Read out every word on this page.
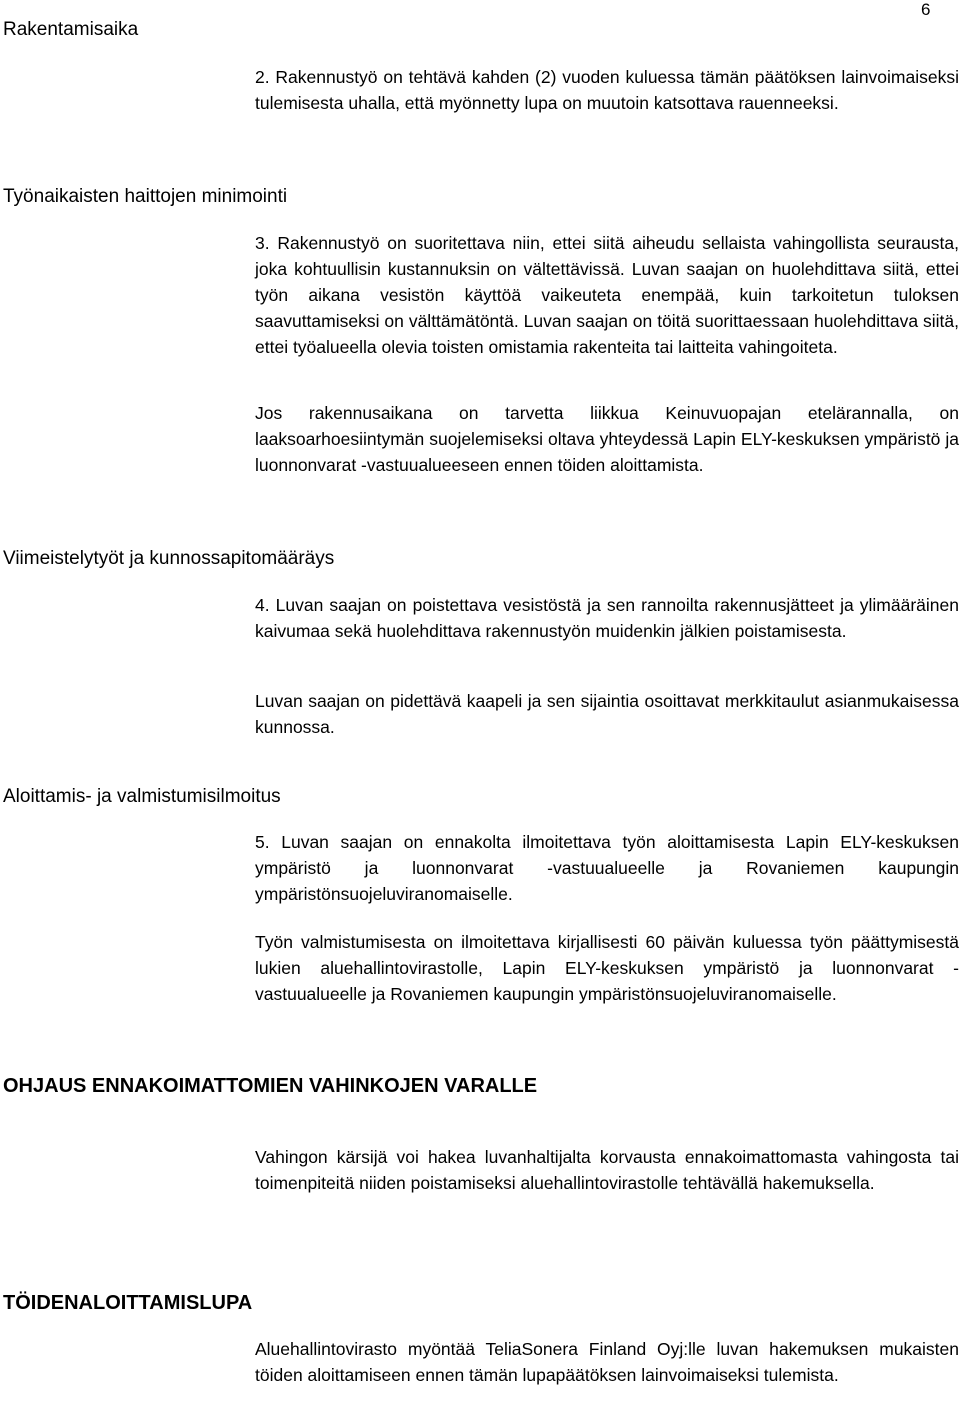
6
Rakentamisaika

2. Rakennustyö on tehtävä kahden (2) vuoden kuluessa tämän päätöksen lainvoimaiseksi tulemisesta uhalla, että myönnetty lupa on muutoin katsottava rauenneeksi.

Työnaikaisten haittojen minimointi

3. Rakennustyö on suoritettava niin, ettei siitä aiheudu sellaista vahingollista seurausta, joka kohtuullisin kustannuksin on vältettävissä. Luvan saajan on huolehdittava siitä, ettei työn aikana vesistön käyttöä vaikeuteta enempää, kuin tarkoitetun tuloksen saavuttamiseksi on välttämätöntä. Luvan saajan on töitä suorittaessaan huolehdittava siitä, ettei työalueella olevia toisten omistamia rakenteita tai laitteita vahingoiteta.

Jos rakennusaikana on tarvetta liikkua Keinuvuopajan etelärannalla, on laaksoarhoesiintymän suojelemiseksi oltava yhteydessä Lapin ELY-keskuksen ympäristö ja luonnonvarat -vastuualueeseen ennen töiden aloittamista.

Viimeistelytyöt ja kunnossapitomääräys

4. Luvan saajan on poistettava vesistöstä ja sen rannoilta rakennusjätteet ja ylimääräinen kaivumaa sekä huolehdittava rakennustyön muidenkin jälkien poistamisesta.

Luvan saajan on pidettävä kaapeli ja sen sijaintia osoittavat merkkitaulut asianmukaisessa kunnossa.

Aloittamis- ja valmistumisilmoitus

5. Luvan saajan on ennakolta ilmoitettava työn aloittamisesta Lapin ELY-keskuksen ympäristö ja luonnonvarat -vastuualueelle ja Rovaniemen kaupungin ympäristönsuojeluviranomaiselle.

Työn valmistumisesta on ilmoitettava kirjallisesti 60 päivän kuluessa työn päättymisestä lukien aluehallintovirastolle, Lapin ELY-keskuksen ympäristö ja luonnonvarat -vastuualueelle ja Rovaniemen kaupungin ympäristönsuojeluviranomaiselle.

OHJAUS ENNAKOIMATTOMIEN VAHINKOJEN VARALLE

Vahingon kärsijä voi hakea luvanhaltijalta korvausta ennakoimattomasta vahingosta tai toimenpiteitä niiden poistamiseksi aluehallintovirastolle tehtävällä hakemuksella.

TÖIDENALOITTAMISLUPA

Aluehallintovirasto myöntää TeliaSonera Finland Oyj:lle luvan hakemuksen mukaisten töiden aloittamiseen ennen tämän lupapäätöksen lainvoimaiseksi tulemista.
